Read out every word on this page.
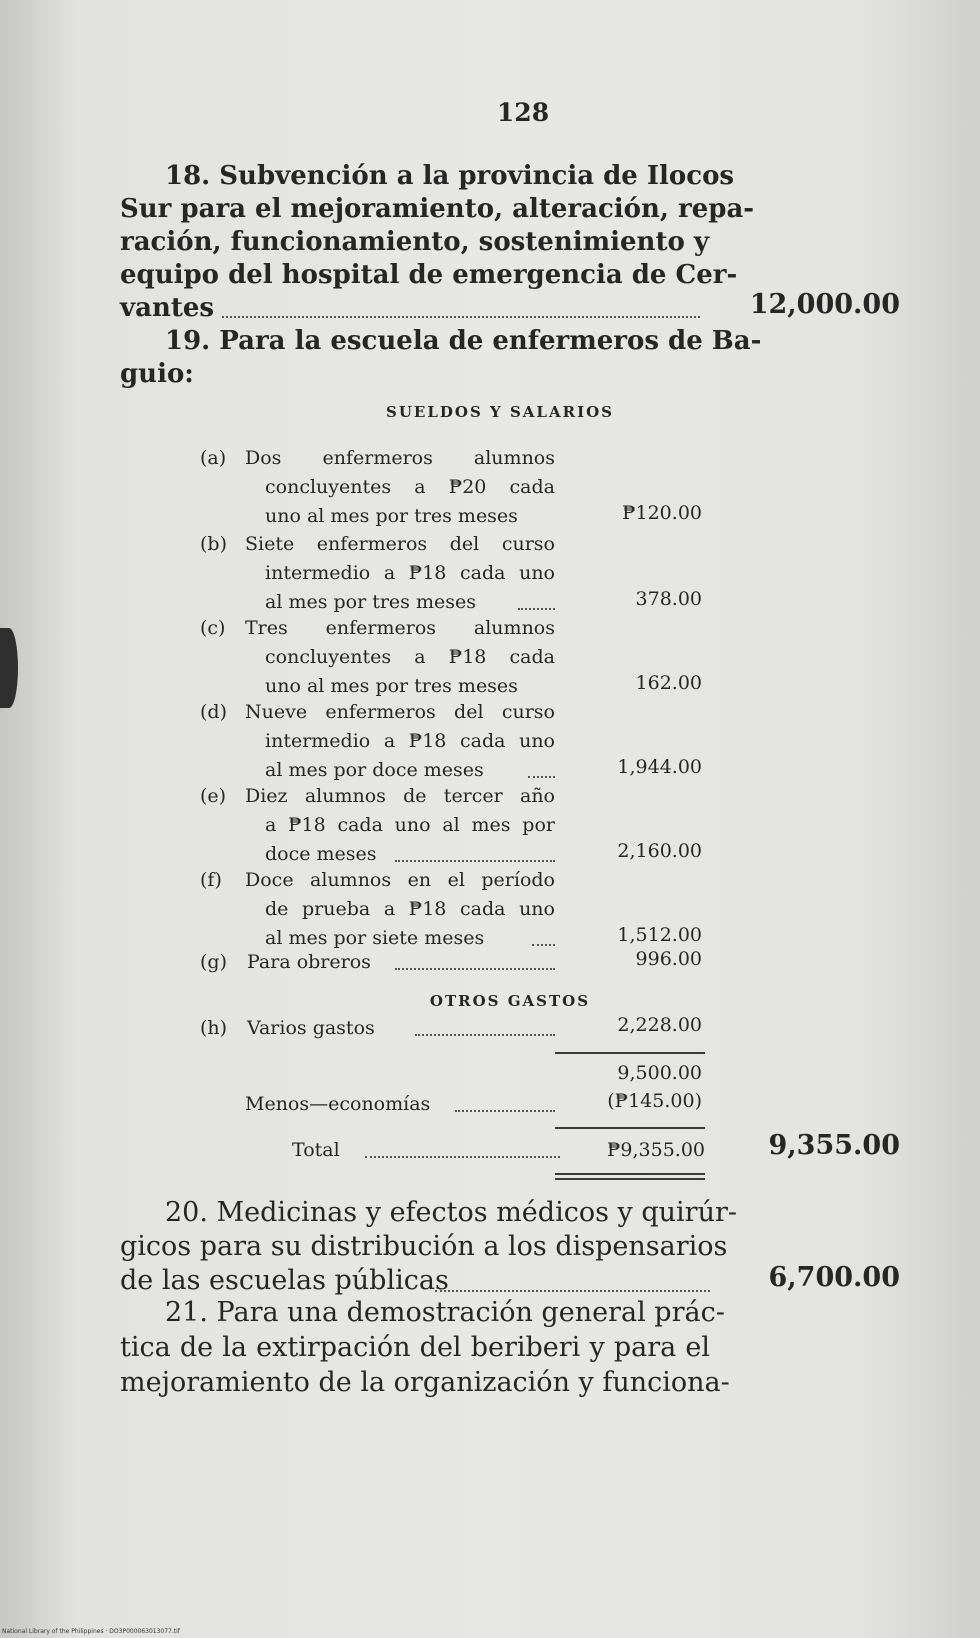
128
18. Subvención a la provincia de Ilocos
Sur para el mejoramiento, alteración, repa-
ración, funcionamiento, sostenimiento y
equipo del hospital de emergencia de Cer-
vantes	12,000.00
19. Para la escuela de enfermeros de Ba-
guio:
SUELDOS Y SALARIOS
(a) Dos enfermeros alumnos
concluyentes a ₱20 cada
uno al mes por tres meses	₱120.00
(b) Siete enfermeros del curso
intermedio a ₱18 cada uno
al mes por tres meses	378.00
(c) Tres enfermeros alumnos
concluyentes a ₱18 cada
uno al mes por tres meses	162.00
(d) Nueve enfermeros del curso
intermedio a ₱18 cada uno
al mes por doce meses	1,944.00
(e) Diez alumnos de tercer año
a ₱18 cada uno al mes por
doce meses	2,160.00
(f) Doce alumnos en el período
de prueba a ₱18 cada uno
al mes por siete meses	1,512.00
(g) Para obreros	996.00
OTROS GASTOS
(h) Varios gastos	2,228.00
9,500.00
Menos—economías	(₱145.00)
Total	₱9,355.00	9,355.00
20. Medicinas y efectos médicos y quirúr-
gicos para su distribución a los dispensarios
de las escuelas públicas	6,700.00
21. Para una demostración general prác-
tica de la extirpación del beriberi y para el
mejoramiento de la organización y funciona-
National Library of the Philippines · DO3P000063013077.tif
